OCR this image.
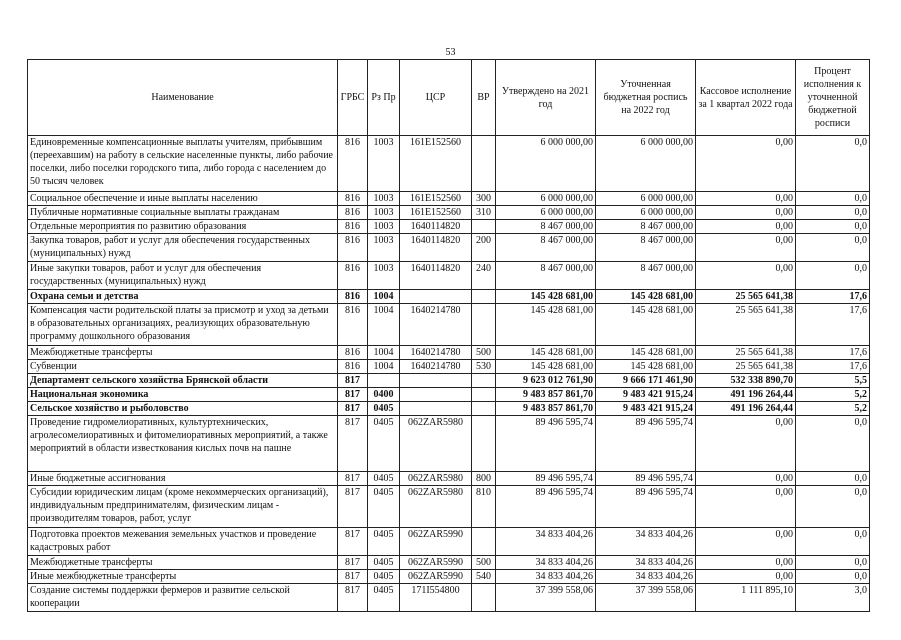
53
Наименование	ГРБС	Рз Пр	ЦСР	ВР	Утверждено на 2021 год	Уточненная бюджетная роспись на 2022 год	Кассовое исполнение за 1 квартал 2022 года	Процент исполнения к уточненной бюджетной росписи
Единовременные компенсационные выплаты учителям, прибывшим (переехавшим) на работу в сельские населенные пункты, либо рабочие поселки, либо поселки городского типа, либо города с населением до 50 тысяч человек	816	1003	161E152560		6 000 000,00	6 000 000,00	0,00	0,0
Социальное обеспечение и иные выплаты населению	816	1003	161E152560	300	6 000 000,00	6 000 000,00	0,00	0,0
Публичные нормативные социальные выплаты гражданам	816	1003	161E152560	310	6 000 000,00	6 000 000,00	0,00	0,0
Отдельные мероприятия по развитию образования	816	1003	1640114820		8 467 000,00	8 467 000,00	0,00	0,0
Закупка товаров, работ и услуг для обеспечения государственных (муниципальных) нужд	816	1003	1640114820	200	8 467 000,00	8 467 000,00	0,00	0,0
Иные закупки товаров, работ и услуг для обеспечения государственных (муниципальных) нужд	816	1003	1640114820	240	8 467 000,00	8 467 000,00	0,00	0,0
Охрана семьи и детства	816	1004			145 428 681,00	145 428 681,00	25 565 641,38	17,6
Компенсация части родительской платы за присмотр и уход за детьми в образовательных организациях, реализующих образовательную программу дошкольного образования	816	1004	1640214780		145 428 681,00	145 428 681,00	25 565 641,38	17,6
Межбюджетные трансферты	816	1004	1640214780	500	145 428 681,00	145 428 681,00	25 565 641,38	17,6
Субвенции	816	1004	1640214780	530	145 428 681,00	145 428 681,00	25 565 641,38	17,6
Департамент сельского хозяйства Брянской области	817				9 623 012 761,90	9 666 171 461,90	532 338 890,70	5,5
Национальная экономика	817	0400			9 483 857 861,70	9 483 421 915,24	491 196 264,44	5,2
Сельское хозяйство и рыболовство	817	0405			9 483 857 861,70	9 483 421 915,24	491 196 264,44	5,2
Проведение гидромелиоративных, культуртехнических, агролесомелиоративных и фитомелиоративных мероприятий, а также мероприятий в области известкования кислых почв на пашне	817	0405	062ZAR5980		89 496 595,74	89 496 595,74	0,00	0,0
Иные бюджетные ассигнования	817	0405	062ZAR5980	800	89 496 595,74	89 496 595,74	0,00	0,0
Субсидии юридическим лицам (кроме некоммерческих организаций), индивидуальным предпринимателям, физическим лицам - производителям товаров, работ, услуг	817	0405	062ZAR5980	810	89 496 595,74	89 496 595,74	0,00	0,0
Подготовка проектов межевания земельных участков и проведение кадастровых работ	817	0405	062ZAR5990		34 833 404,26	34 833 404,26	0,00	0,0
Межбюджетные трансферты	817	0405	062ZAR5990	500	34 833 404,26	34 833 404,26	0,00	0,0
Иные межбюджетные трансферты	817	0405	062ZAR5990	540	34 833 404,26	34 833 404,26	0,00	0,0
Создание системы поддержки фермеров и развитие сельской кооперации	817	0405	171I554800		37 399 558,06	37 399 558,06	1 111 895,10	3,0
